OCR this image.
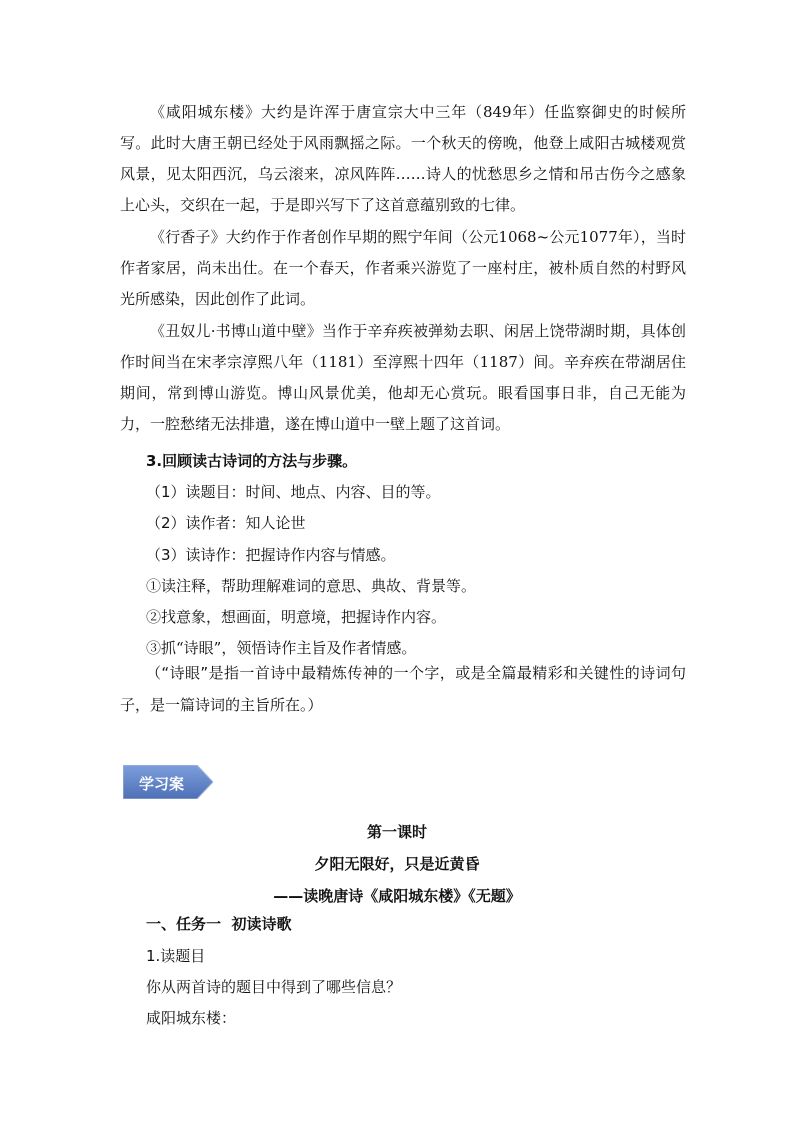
《咸阳城东楼》大约是许浑于唐宣宗大中三年（849年）任监察御史的时候所写。此时大唐王朝已经处于风雨飘摇之际。一个秋天的傍晚，他登上咸阳古城楼观赏风景，见太阳西沉，乌云滚来，凉风阵阵……诗人的忧愁思乡之情和吊古伤今之感象上心头，交织在一起，于是即兴写下了这首意蕴别致的七律。

《行香子》大约作于作者创作早期的熙宁年间（公元1068~公元1077年），当时作者家居，尚未出仕。在一个春天，作者乘兴游览了一座村庄，被朴质自然的村野风光所感染，因此创作了此词。

《丑奴儿·书博山道中壁》当作于辛弃疾被弹劾去职、闲居上饶带湖时期，具体创作时间当在宋孝宗淳熙八年（1181）至淳熙十四年（1187）间。辛弃疾在带湖居住期间，常到博山游览。博山风景优美，他却无心赏玩。眼看国事日非，自己无能为力，一腔愁绪无法排遣，遂在博山道中一壁上题了这首词。

3.回顾读古诗词的方法与步骤。
（1）读题目：时间、地点、内容、目的等。
（2）读作者：知人论世
（3）读诗作：把握诗作内容与情感。
①读注释，帮助理解难词的意思、典故、背景等。
②找意象，想画面，明意境，把握诗作内容。
③抓“诗眼”，领悟诗作主旨及作者情感。

（“诗眼”是指一首诗中最精炼传神的一个字，或是全篇最精彩和关键性的诗词句子，是一篇诗词的主旨所在。）

学习案
第一课时
夕阳无限好，只是近黄昏
——读晚唐诗《咸阳城东楼》《无题》
一、任务一  初读诗歌
1.读题目
你从两首诗的题目中得到了哪些信息？
咸阳城东楼：
